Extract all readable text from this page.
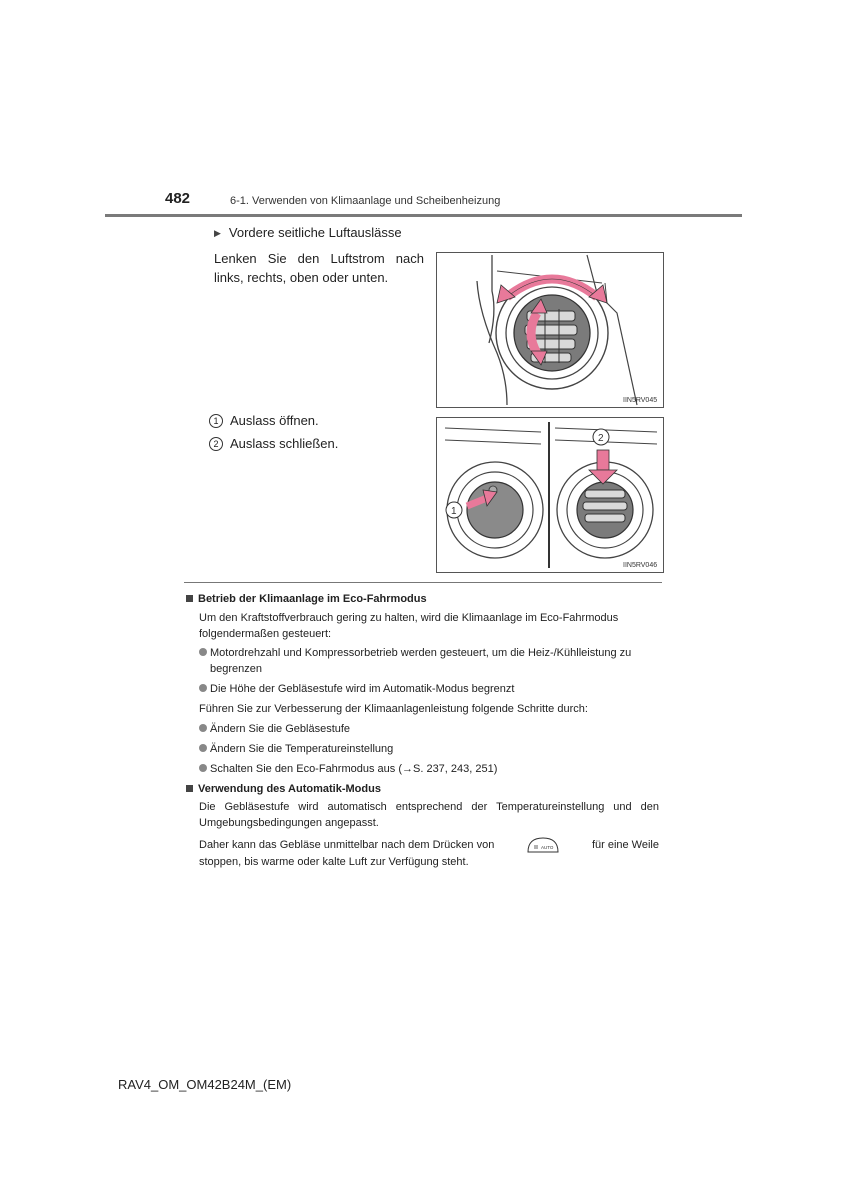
482	6-1. Verwenden von Klimaanlage und Scheibenheizung
▶ Vordere seitliche Luftauslässe
Lenken Sie den Luftstrom nach
links, rechts, oben oder unten.
IIN5RV045
1 Auslass öffnen.
2 Auslass schließen.
1
2
IIN5RV046
Betrieb der Klimaanlage im Eco-Fahrmodus
Um den Kraftstoffverbrauch gering zu halten, wird die Klimaanlage im Eco-Fahrmodus folgendermaßen gesteuert:
Motordrehzahl und Kompressorbetrieb werden gesteuert, um die Heiz-/Kühlleistung zu begrenzen
Die Höhe der Gebläsestufe wird im Automatik-Modus begrenzt
Führen Sie zur Verbesserung der Klimaanlagenleistung folgende Schritte durch:
Ändern Sie die Gebläsestufe
Ändern Sie die Temperatureinstellung
Schalten Sie den Eco-Fahrmodus aus (→S. 237, 243, 251)
Verwendung des Automatik-Modus
Die Gebläsestufe wird automatisch entsprechend der Temperatureinstellung und den Umgebungsbedingungen angepasst.
Daher kann das Gebläse unmittelbar nach dem Drücken von	AUTO	für eine Weile
stoppen, bis warme oder kalte Luft zur Verfügung steht.
RAV4_OM_OM42B24M_(EM)
